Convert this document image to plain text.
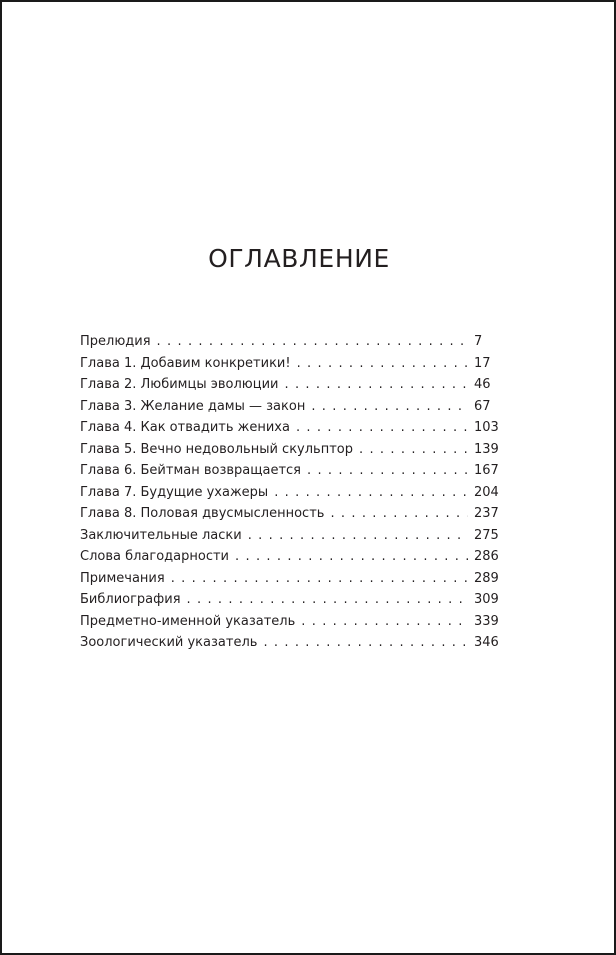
ОГЛАВЛЕНИЕ
Прелюдия . . .	7
Глава 1. Добавим конкретики! . . .	17
Глава 2. Любимцы эволюции . . .	46
Глава 3. Желание дамы — закон . . .	67
Глава 4. Как отвадить жениха . . .	103
Глава 5. Вечно недовольный скульптор . . .	139
Глава 6. Бейтман возвращается . . .	167
Глава 7. Будущие ухажеры . . .	204
Глава 8. Половая двусмысленность . . .	237
Заключительные ласки . . .	275
Слова благодарности . . .	286
Примечания . . .	289
Библиография . . .	309
Предметно-именной указатель . . .	339
Зоологический указатель . . .	346
